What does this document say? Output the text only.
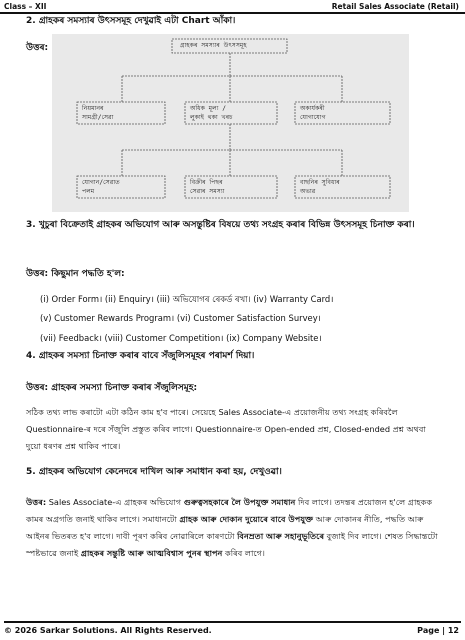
Class – XII	Retail Sales Associate (Retail)
2. গ্ৰাহকৰ সমস্যাৰ উৎসসমূহ দেখুৱাই এটা Chart আঁকা।
উত্তৰ:	গ্ৰাহকৰ সমস্যাৰ উৎসসমূহ
নিয়মানৰ
সামগ্ৰী/সেৱা
অধিক মূল্য /
লুকাই থকা খৰচ
অকাৰ্যকৰী
যোগাযোগ
যোগান/সেৱাত
পলম
বিক্ৰীৰ পিছৰ
সেৱাৰ সমস্যা
বাছনিৰ সুবিধাৰ
অভাৱ
3. খুচুৰা বিক্ৰেতাই গ্ৰাহকৰ অভিযোগ আৰু অসন্তুষ্টিৰ বিষয়ে তথ্য সংগ্ৰহ কৰাৰ বিভিন্ন উৎসসমূহ চিনাক্ত কৰা।
উত্তৰ: কিছুমান পদ্ধতি হ'ল:
(i) Order Form। (ii) Enquiry। (iii) অভিযোগৰ ৰেকৰ্ড ৰখা। (iv) Warranty Card।
(v) Customer Rewards Program। (vi) Customer Satisfaction Survey।
(vii) Feedback। (viii) Customer Competition। (ix) Company Website।
4. গ্ৰাহকৰ সমস্যা চিনাক্ত কৰাৰ বাবে সঁজুলিসমূহৰ পৰামৰ্শ দিয়া।
উত্তৰ: গ্ৰাহকৰ সমস্যা চিনাক্ত কৰাৰ সঁজুলিসমূহ:
সঠিক তথ্য লাভ কৰাটো এটা কঠিন কাম হ'ব পাৰে। সেয়েহে Sales Associate-এ প্ৰয়োজনীয় তথ্য সংগ্ৰহ কৰিবলৈ Questionnaire-ৰ দৰে সঁজুলি প্ৰস্তুত কৰিব লাগে। Questionnaire-ত Open-ended প্ৰশ্ন, Closed-ended প্ৰশ্ন অথবা দুয়ো ধৰণৰ প্ৰশ্ন থাকিব পাৰে।
5. গ্ৰাহকৰ অভিযোগ কেনেদৰে দাখিল আৰু সমাধান কৰা হয়, দেখুওৱা।
উত্তৰ: Sales Associate-এ গ্ৰাহকৰ অভিযোগ গুৰুত্বসহকাৰে লৈ উপযুক্ত সমাধান দিব লাগে। তদন্তৰ প্ৰয়োজন হ'লে গ্ৰাহকক কামৰ অগ্ৰগতি জনাই থাকিব লাগে। সমাধানটো গ্ৰাহক আৰু দোকান দুয়োৰে বাবে উপযুক্ত আৰু দোকানৰ নীতি, পদ্ধতি আৰু আইনৰ ভিতৰত হ'ব লাগে। দাবী পূৰণ কৰিব নোৱাৰিলে কাৰণটো বিনম্ৰতা আৰু সহানুভূতিৰে বুজাই দিব লাগে। শেষত সিদ্ধান্তটো স্পষ্টভাৱে জনাই গ্ৰাহকৰ সন্তুষ্টি আৰু আত্মবিশ্বাস পুনৰ স্থাপন কৰিব লাগে।
© 2026 Sarkar Solutions. All Rights Reserved.	Page | 12
